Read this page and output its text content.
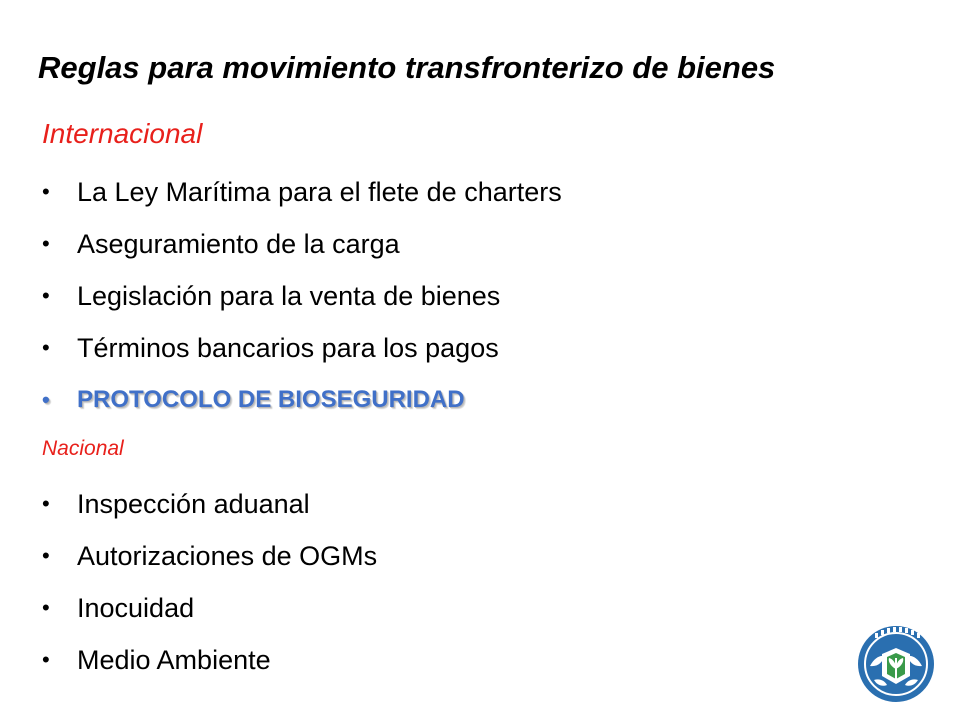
Reglas para movimiento transfronterizo de bienes
Internacional
•	La Ley Marítima para el flete de charters
•	Aseguramiento de la carga
•	Legislación para la venta de bienes
•	Términos bancarios para los pagos
•	PROTOCOLO DE BIOSEGURIDAD
Nacional
•	Inspección aduanal
•	Autorizaciones de OGMs
•	Inocuidad
•	Medio Ambiente
